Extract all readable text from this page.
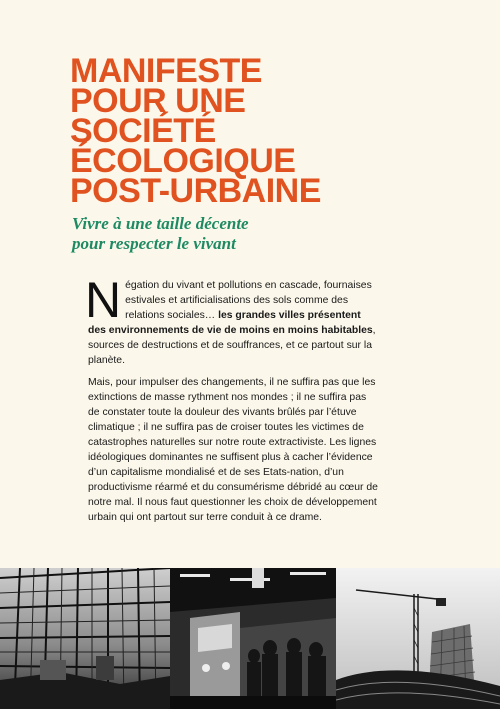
MANIFESTE
POUR UNE
SOCIÉTÉ
ÉCOLOGIQUE
POST-URBAINE
Vivre à une taille décente
pour respecter le vivant

Négation du vivant et pollutions en cascade, fournaises estivales et artificialisations des sols comme des relations sociales… les grandes villes présentent des environnements de vie de moins en moins habitables, sources de destructions et de souffrances, et ce partout sur la planète.

Mais, pour impulser des changements, il ne suffira pas que les extinctions de masse rythment nos mondes ; il ne suffira pas de constater toute la douleur des vivants brûlés par l’étuve climatique ; il ne suffira pas de croiser toutes les victimes de catastrophes naturelles sur notre route extractiviste. Les lignes idéologiques dominantes ne suffisent plus à cacher l’évidence d’un capitalisme mondialisé et de ses Etats-nation, d’un productivisme réarmé et du consumérisme débridé au cœur de notre mal. Il nous faut questionner les choix de développement urbain qui ont partout sur terre conduit à ce drame.
